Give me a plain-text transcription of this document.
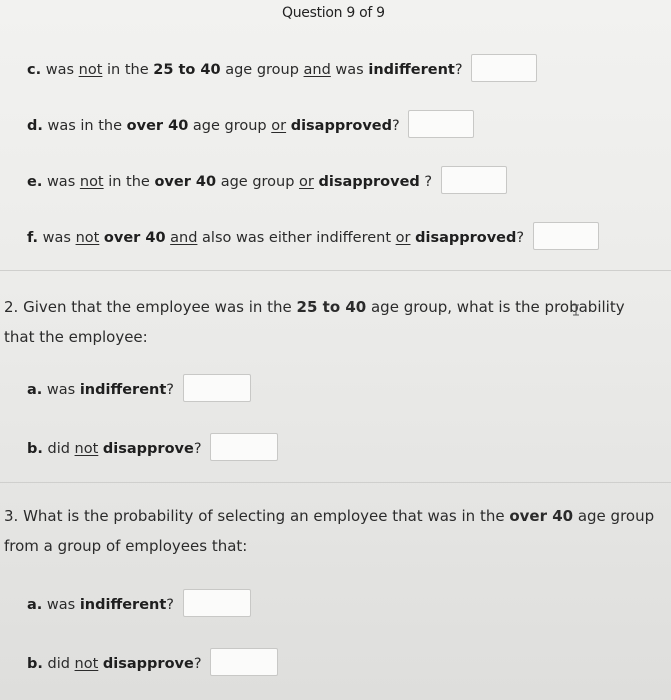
Question 9 of 9
c. was not in the 25 to 40 age group and was indifferent?
d. was in the over 40 age group or disapproved?
e. was not in the over 40 age group or disapproved ?
f. was not over 40 and also was either indifferent or disapproved?
2. Given that the employee was in the 25 to 40 age group, what is the probability that the employee:
a. was indifferent?
b. did not disapprove?
3. What is the probability of selecting an employee that was in the over 40 age group from a group of employees that:
a. was indifferent?
b. did not disapprove?
